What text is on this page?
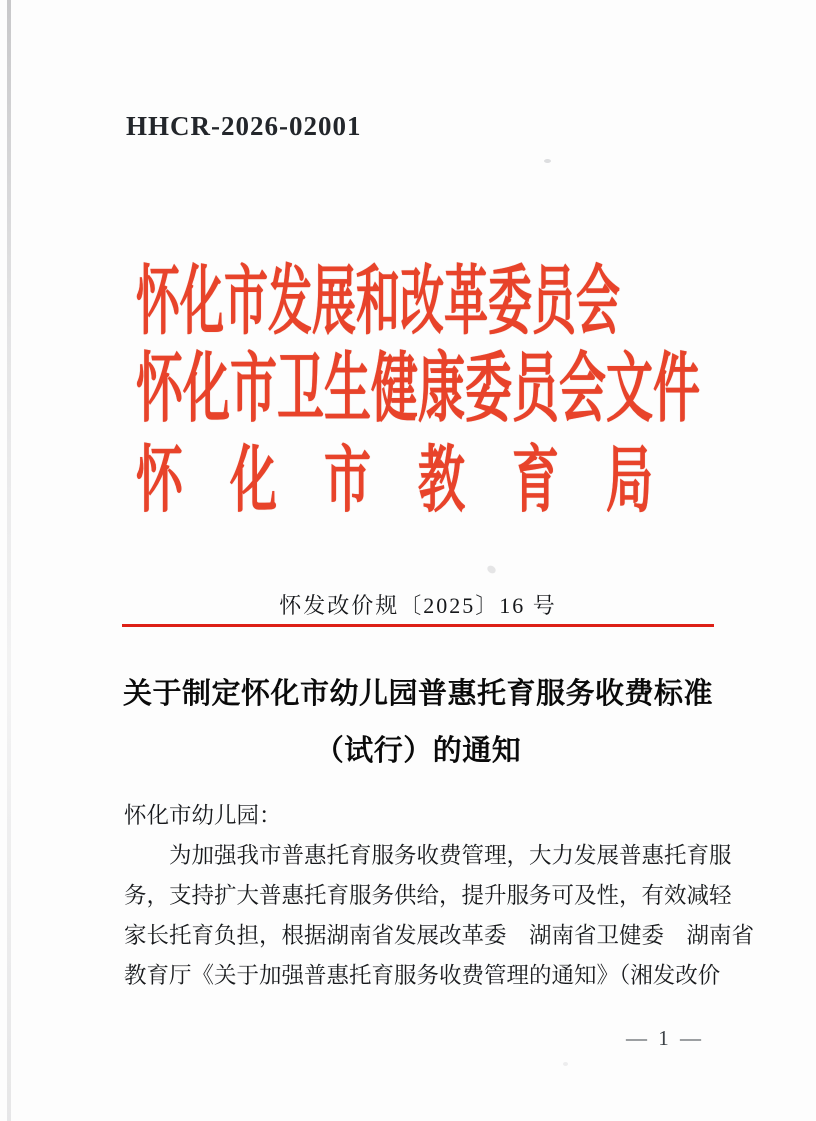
HHCR-2026-02001
怀化市发展和改革委员会
怀化市卫生健康委员会文件
怀　化　市　教　育　局
怀发改价规〔2025〕16 号
关于制定怀化市幼儿园普惠托育服务收费标准
（试行）的通知
怀化市幼儿园：
为加强我市普惠托育服务收费管理，大力发展普惠托育服
务，支持扩大普惠托育服务供给，提升服务可及性，有效减轻
家长托育负担，根据湖南省发展改革委　湖南省卫健委　湖南省
教育厅《关于加强普惠托育服务收费管理的通知》（湘发改价
— 1 —
